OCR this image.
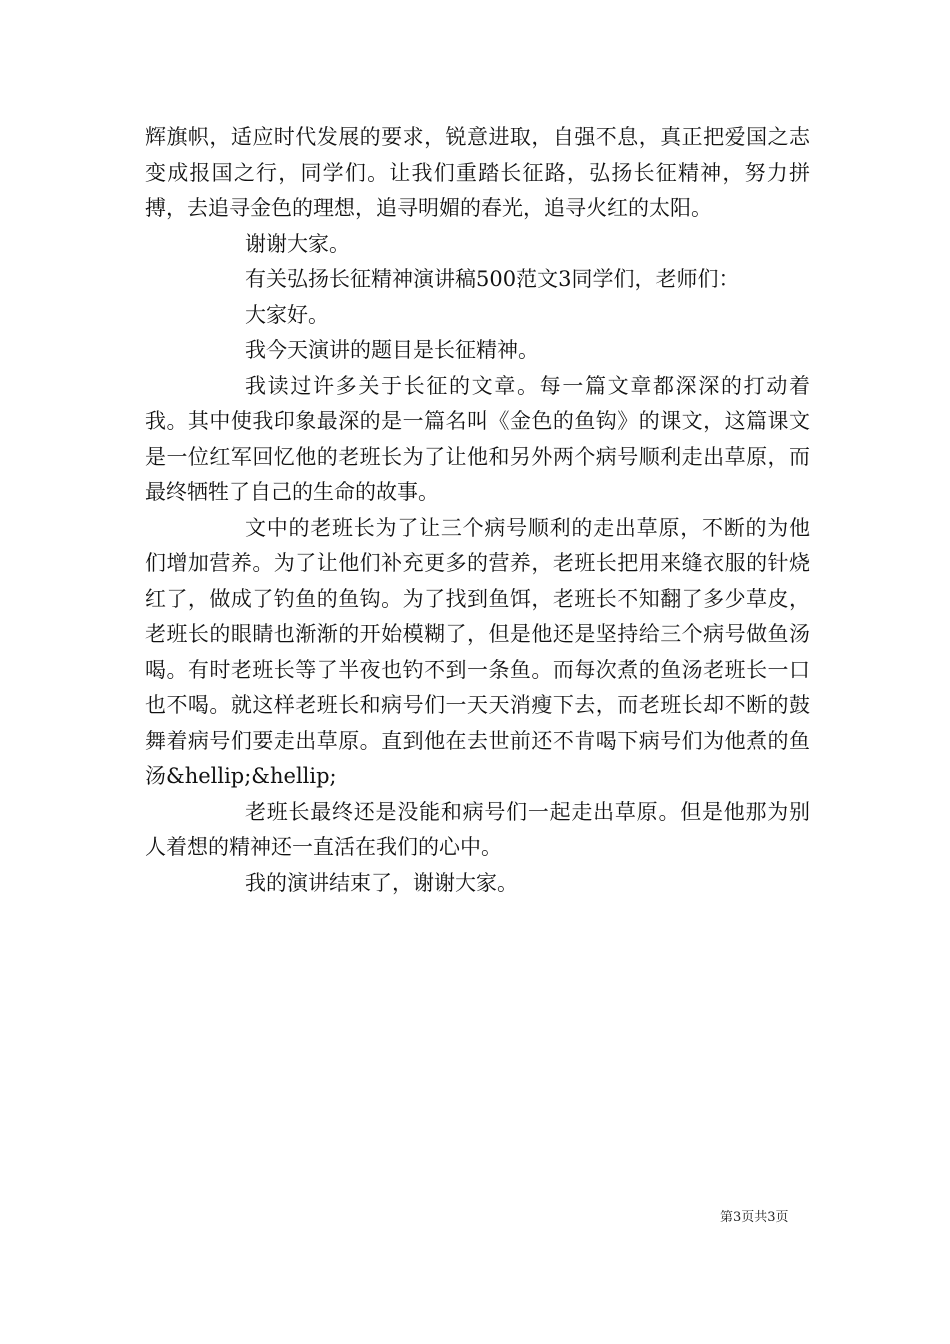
辉旗帜，适应时代发展的要求，锐意进取，自强不息，真正把爱国之志变成报国之行，同学们。让我们重踏长征路，弘扬长征精神，努力拼搏，去追寻金色的理想，追寻明媚的春光，追寻火红的太阳。

谢谢大家。

有关弘扬长征精神演讲稿500范文3同学们，老师们：

大家好。

我今天演讲的题目是长征精神。

我读过许多关于长征的文章。每一篇文章都深深的打动着我。其中使我印象最深的是一篇名叫《金色的鱼钩》的课文，这篇课文是一位红军回忆他的老班长为了让他和另外两个病号顺利走出草原，而最终牺牲了自己的生命的故事。

文中的老班长为了让三个病号顺利的走出草原，不断的为他们增加营养。为了让他们补充更多的营养，老班长把用来缝衣服的针烧红了，做成了钓鱼的鱼钩。为了找到鱼饵，老班长不知翻了多少草皮，老班长的眼睛也渐渐的开始模糊了，但是他还是坚持给三个病号做鱼汤喝。有时老班长等了半夜也钓不到一条鱼。而每次煮的鱼汤老班长一口也不喝。就这样老班长和病号们一天天消瘦下去，而老班长却不断的鼓舞着病号们要走出草原。直到他在去世前还不肯喝下病号们为他煮的鱼汤&hellip;&hellip;

老班长最终还是没能和病号们一起走出草原。但是他那为别人着想的精神还一直活在我们的心中。

我的演讲结束了，谢谢大家。

第3页共3页
